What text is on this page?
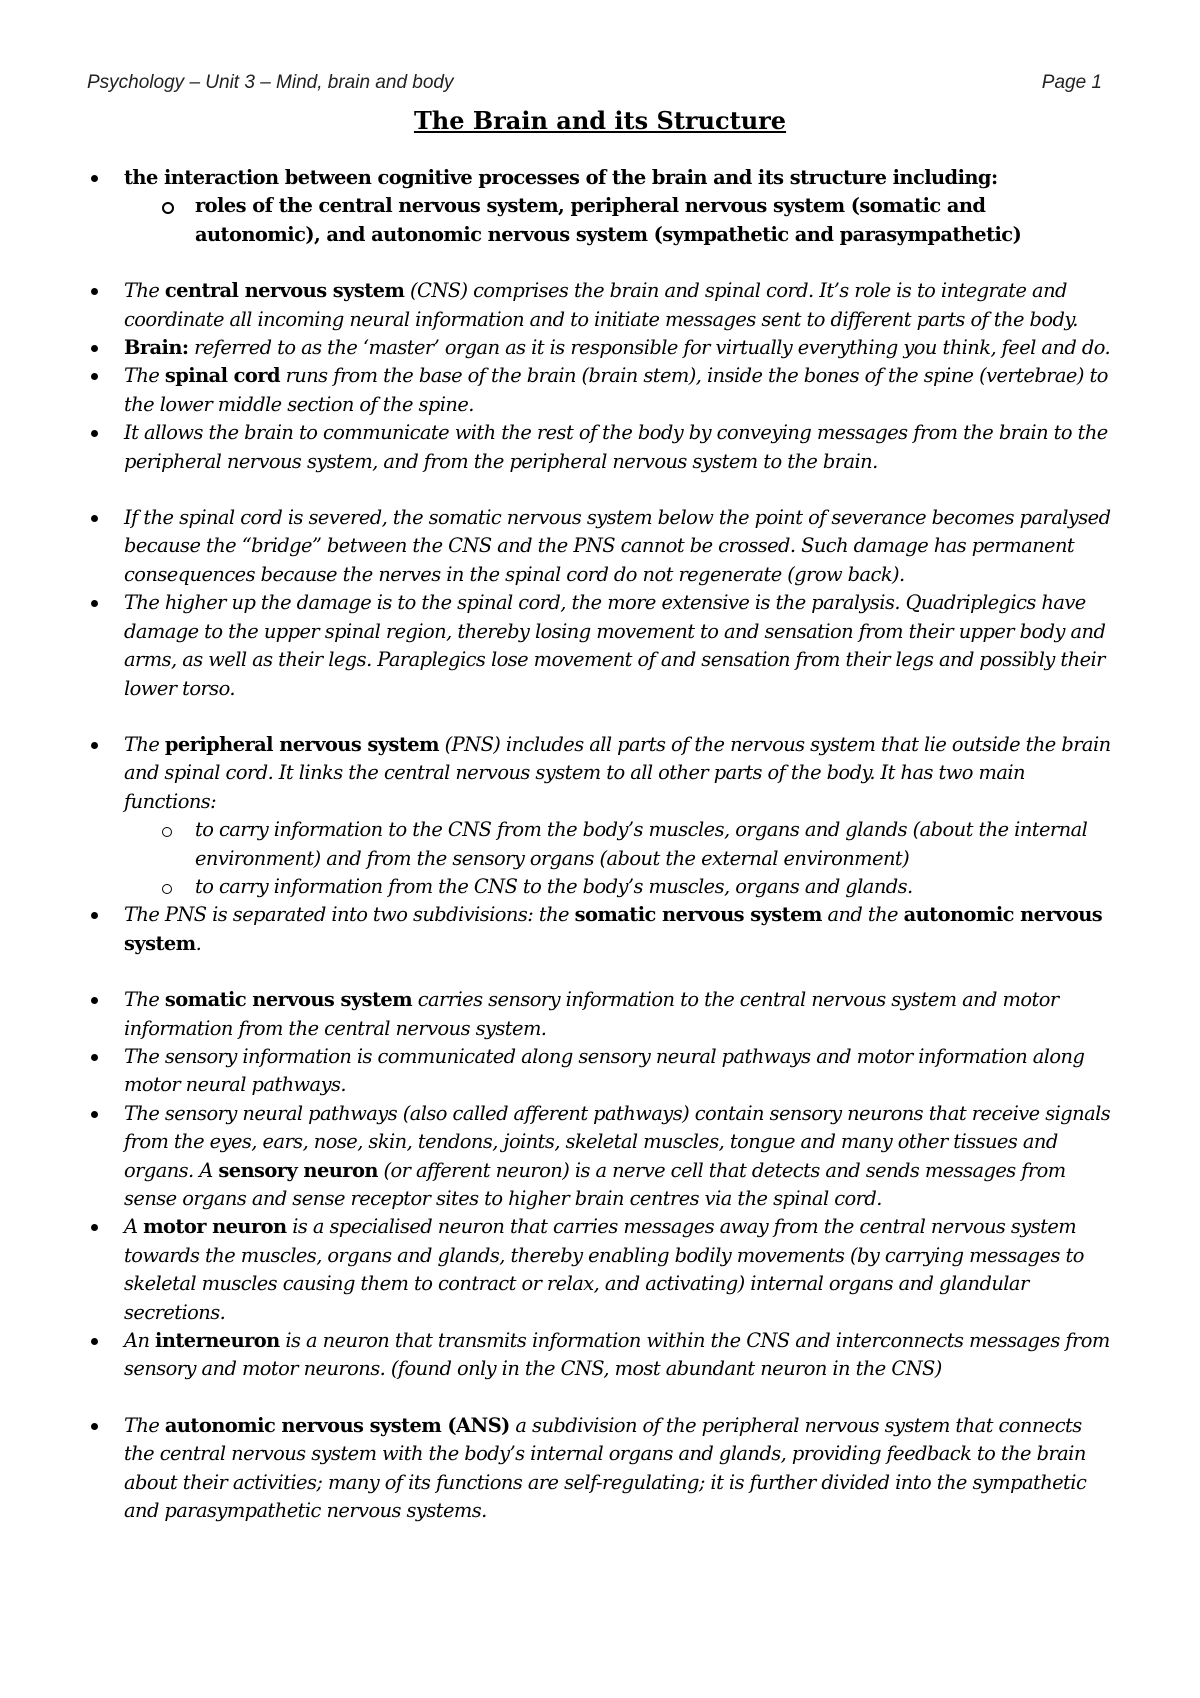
Psychology – Unit 3 – Mind, brain and body	Page 1
The Brain and its Structure

the interaction between cognitive processes of the brain and its structure including:

roles of the central nervous system, peripheral nervous system (somatic and autonomic), and autonomic nervous system (sympathetic and parasympathetic)

The central nervous system (CNS) comprises the brain and spinal cord. It’s role is to integrate and coordinate all incoming neural information and to initiate messages sent to different parts of the body.

Brain: referred to as the ‘master’ organ as it is responsible for virtually everything you think, feel and do.

The spinal cord runs from the base of the brain (brain stem), inside the bones of the spine (vertebrae) to the lower middle section of the spine.

It allows the brain to communicate with the rest of the body by conveying messages from the brain to the peripheral nervous system, and from the peripheral nervous system to the brain.

If the spinal cord is severed, the somatic nervous system below the point of severance becomes paralysed because the “bridge” between the CNS and the PNS cannot be crossed. Such damage has permanent consequences because the nerves in the spinal cord do not regenerate (grow back).

The higher up the damage is to the spinal cord, the more extensive is the paralysis. Quadriplegics have damage to the upper spinal region, thereby losing movement to and sensation from their upper body and arms, as well as their legs. Paraplegics lose movement of and sensation from their legs and possibly their lower torso.

The peripheral nervous system (PNS) includes all parts of the nervous system that lie outside the brain and spinal cord. It links the central nervous system to all other parts of the body. It has two main functions:

to carry information to the CNS from the body’s muscles, organs and glands (about the internal environment) and from the sensory organs (about the external environment)

to carry information from the CNS to the body’s muscles, organs and glands.

The PNS is separated into two subdivisions: the somatic nervous system and the autonomic nervous system.

The somatic nervous system carries sensory information to the central nervous system and motor information from the central nervous system.

The sensory information is communicated along sensory neural pathways and motor information along motor neural pathways.

The sensory neural pathways (also called afferent pathways) contain sensory neurons that receive signals from the eyes, ears, nose, skin, tendons, joints, skeletal muscles, tongue and many other tissues and organs. A sensory neuron (or afferent neuron) is a nerve cell that detects and sends messages from sense organs and sense receptor sites to higher brain centres via the spinal cord.

A motor neuron is a specialised neuron that carries messages away from the central nervous system towards the muscles, organs and glands, thereby enabling bodily movements (by carrying messages to skeletal muscles causing them to contract or relax, and activating) internal organs and glandular secretions.

An interneuron is a neuron that transmits information within the CNS and interconnects messages from sensory and motor neurons. (found only in the CNS, most abundant neuron in the CNS)

The autonomic nervous system (ANS) a subdivision of the peripheral nervous system that connects the central nervous system with the body’s internal organs and glands, providing feedback to the brain about their activities; many of its functions are self-regulating; it is further divided into the sympathetic and parasympathetic nervous systems.
